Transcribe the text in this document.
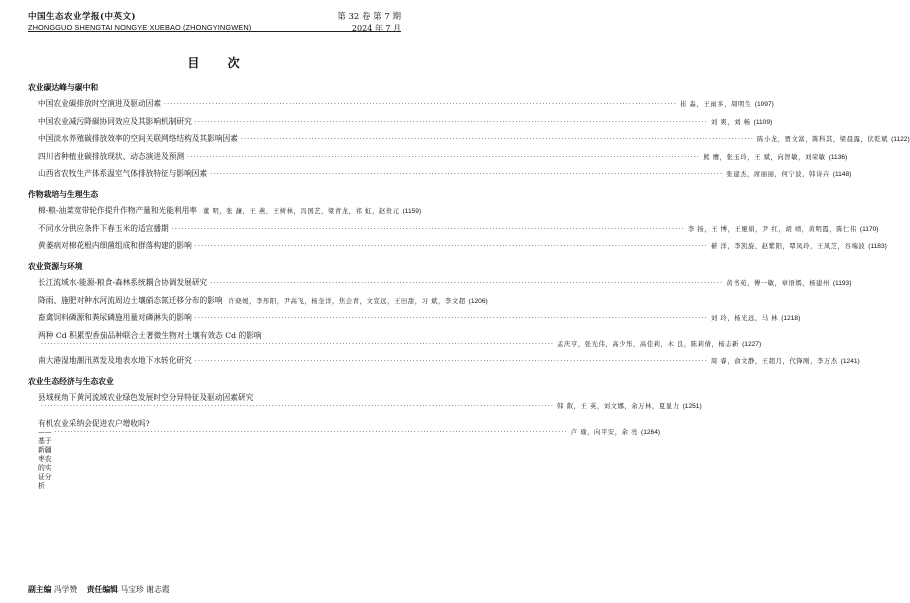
中国生态农业学报(中英文)
ZHONGGUO SHENGTAI NONGYE XUEBAO (ZHONGYINGWEN)
第 32 卷 第 7 期
2024 年 7 月
目 次
农业碳达峰与碳中和
中国农业碳排放时空演进及驱动因素 ·····	崔 淼，王雨多，周明生 (1097)
中国农业减污降碳协同效应及其影响机制研究 ·····	刘 爽，刘 畅 (1109)
中国淡水养殖碳排放效率的空间关联网络结构及其影响因素 ·····	陈小龙，贾文富，陈科其，梁晨露，伏乾斌 (1122)
四川省种植业碳排放现状、动态演进及预测 ·····	熊 鹰，张玉玲，王 斌，向智敏，刘荣敏 (1136)
山西省农牧生产体系温室气体排放特征与影响因素 ·····	张建杰，席丽丽，何宁波，韩诗卉 (1148)
作物栽培与生理生态
棉-粮-油菜宽带轮作提升作物产量和光能利用率 董 明，张 濂，王 燕，王树林，冯国艺，梁青龙，祁 虹，赵贵元 (1159)
不同水分供应条件下春玉米的适宜播期 ·····	李 扬，王 博，王娅娟，尹 红，胡 靖，黄明霞，陈仁伟 (1170)
黄萎病对棉花根内细菌组成和群落构建的影响 ·····	綦 洋，李凯旋，赵紫阳，覃凤玲，王凤芝，谷端波 (1183)
农业资源与环境
长江流域水-能源-粮食-森林系统耦合协调发展研究 ·····	黄书苑，傅一敏，章语嫣，杨建州 (1193)
降雨、施肥对种水河流周边土壤硝态氮迁移分布的影响 许晓媛，李彤阳，尹高飞，杨奎洋，焦会青，文宣远，王田甜，习 斌，李文超 (1206)
畜禽饲料磷源和粪尿磷施用量对磷淋失的影响 ·····	刘 玲，杨光远，马 林 (1218)
两种 Cd 积累型香茄品种联合土著微生物对土壤有效态 Cd 的影响
·····
孟庆亨，张光伟，高少彤，高佳莉，木 良，陈莉倩，杨志新 (1227)
南大港湿地潮汛蒸发及地表水地下水转化研究 ·····	周 睿，俞文静，王超月，代锋刚，李万杰 (1241)
农业生态经济与生态农业
县域视角下黄河流域农业绿色发展时空分异特征及驱动因素研究
·····
韩 叡，王 英，刘文娜，余万林，夏显力 (1251)
有机农业采纳会促进农户增收吗?
——基于新疆枣农的实证分析
·····
卢 瑜，向平安，余 亮 (1264)
副主编 冯学赞 责任编辑 马宝珍 谢志霞
